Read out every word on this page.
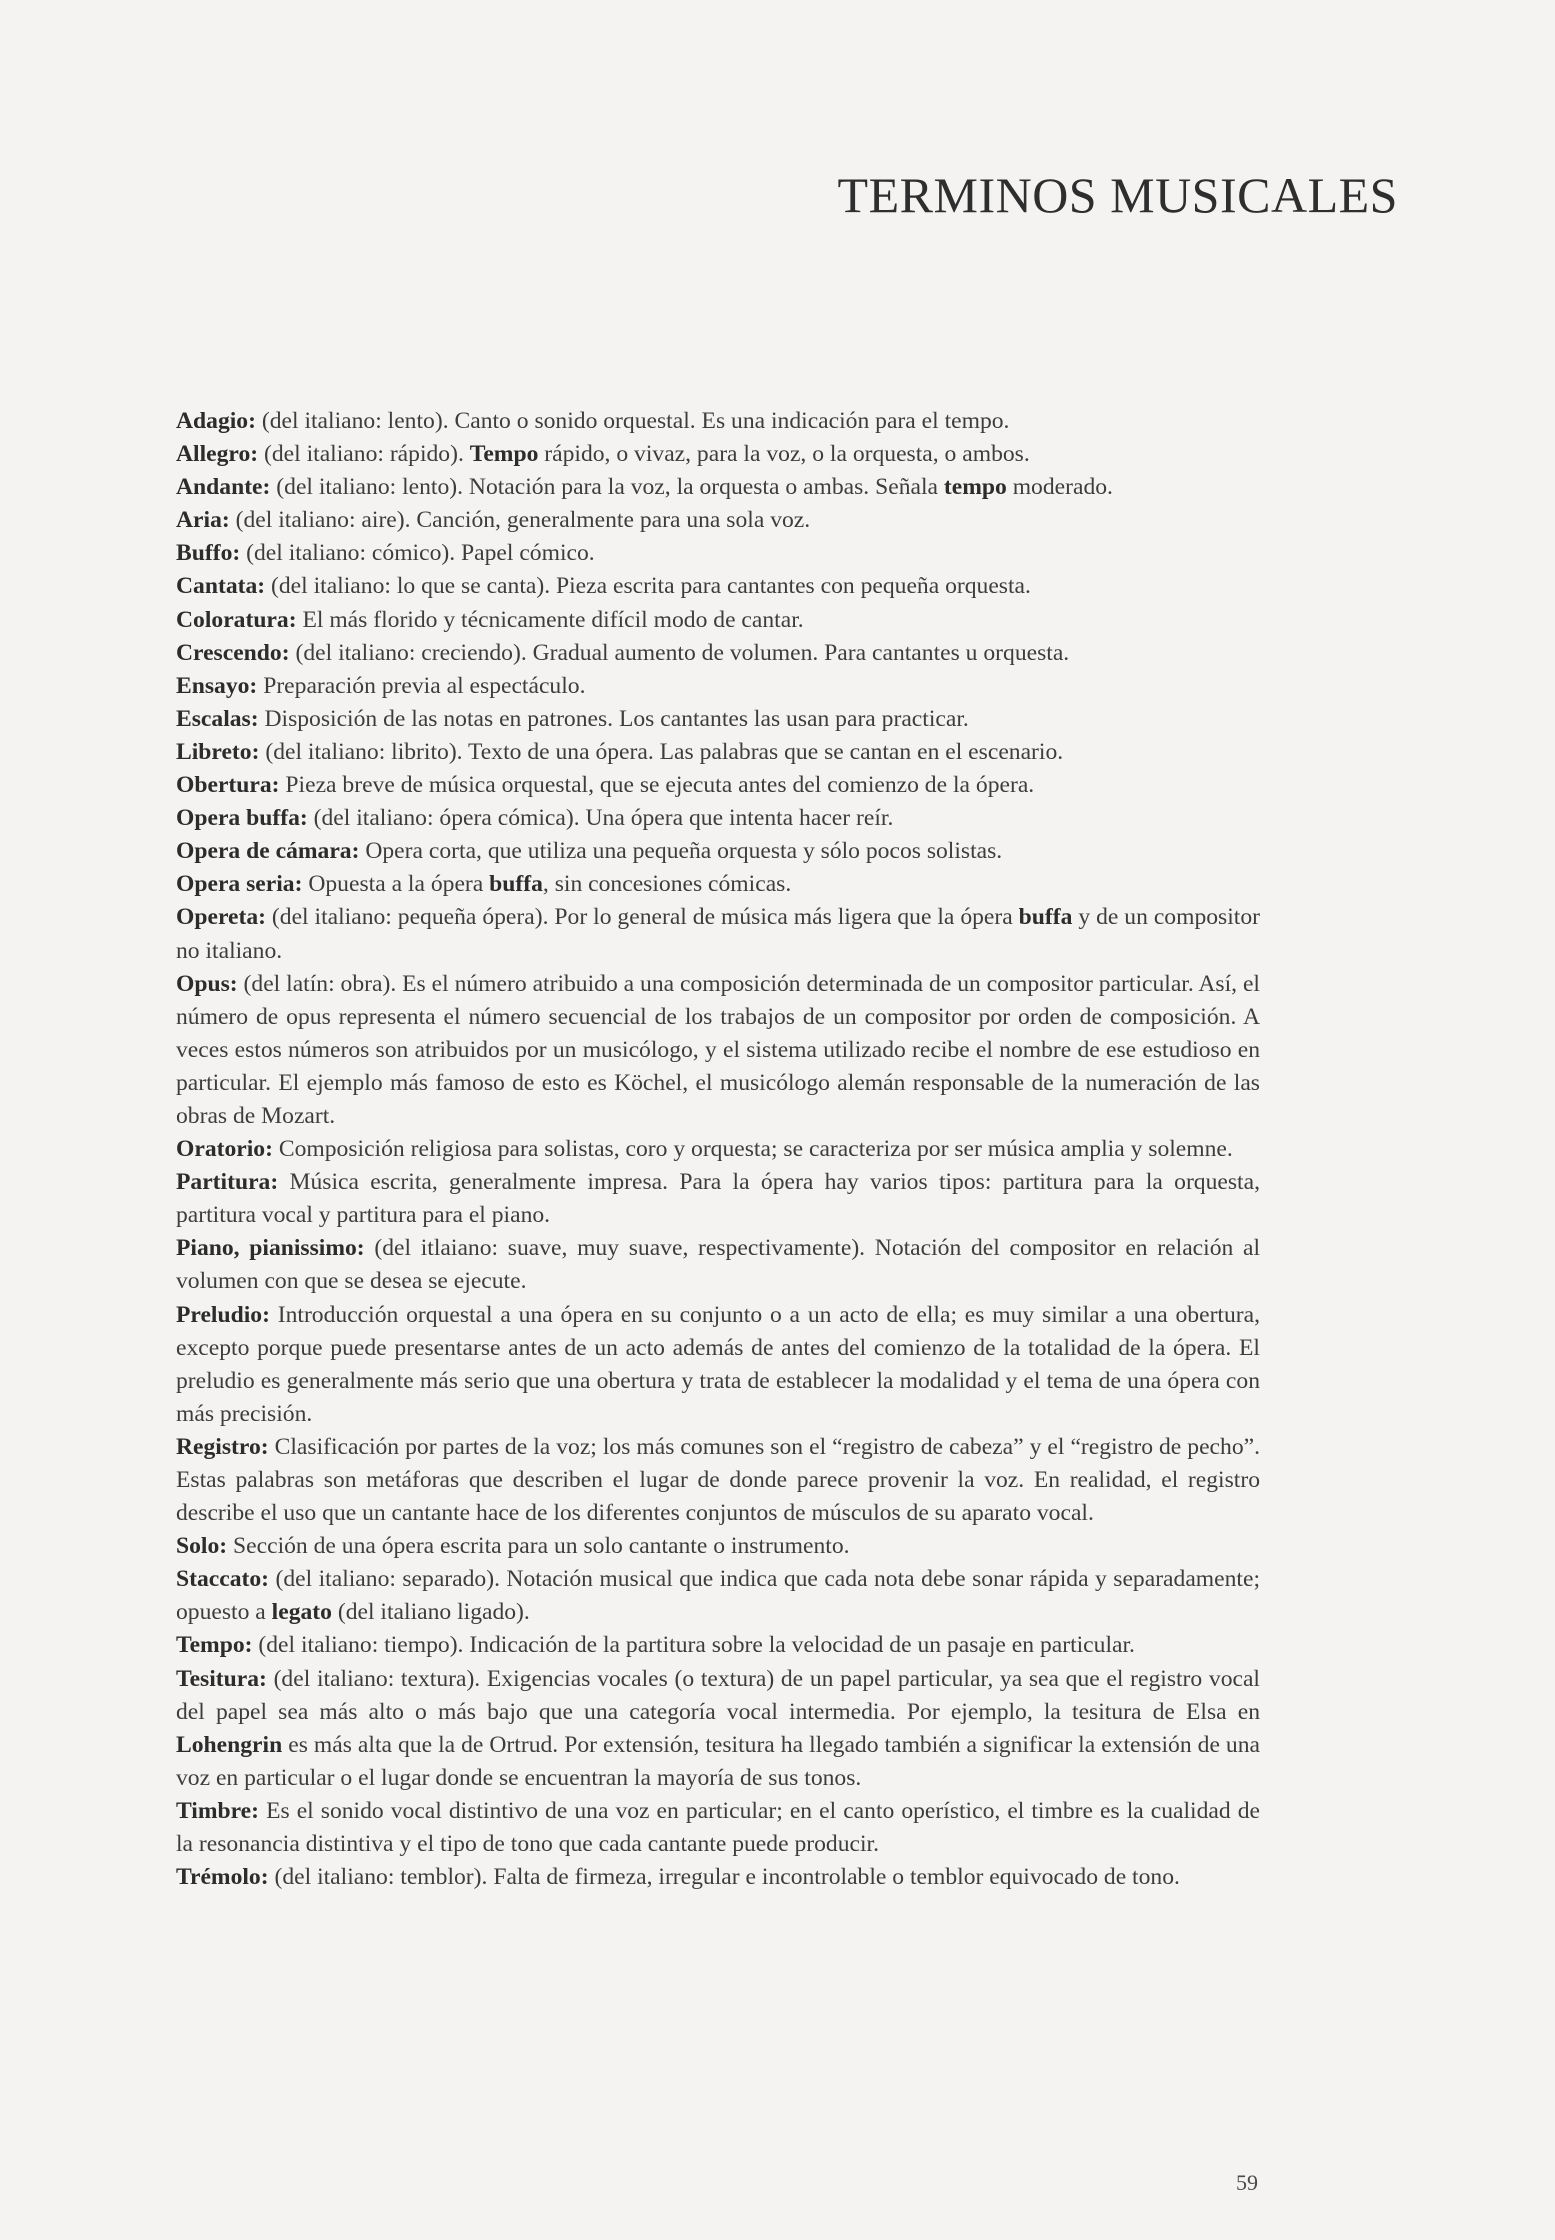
TERMINOS MUSICALES

Adagio: (del italiano: lento). Canto o sonido orquestal. Es una indicación para el tempo.

Allegro: (del italiano: rápido). Tempo rápido, o vivaz, para la voz, o la orquesta, o ambos.

Andante: (del italiano: lento). Notación para la voz, la orquesta o ambas. Señala tempo moderado.

Aria: (del italiano: aire). Canción, generalmente para una sola voz.

Buffo: (del italiano: cómico). Papel cómico.

Cantata: (del italiano: lo que se canta). Pieza escrita para cantantes con pequeña orquesta.

Coloratura: El más florido y técnicamente difícil modo de cantar.

Crescendo: (del italiano: creciendo). Gradual aumento de volumen. Para cantantes u orquesta.

Ensayo: Preparación previa al espectáculo.

Escalas: Disposición de las notas en patrones. Los cantantes las usan para practicar.

Libreto: (del italiano: librito). Texto de una ópera. Las palabras que se cantan en el escenario.

Obertura: Pieza breve de música orquestal, que se ejecuta antes del comienzo de la ópera.

Opera buffa: (del italiano: ópera cómica). Una ópera que intenta hacer reír.

Opera de cámara: Opera corta, que utiliza una pequeña orquesta y sólo pocos solistas.

Opera seria: Opuesta a la ópera buffa, sin concesiones cómicas.

Opereta: (del italiano: pequeña ópera). Por lo general de música más ligera que la ópera buffa y de un compositor no italiano.

Opus: (del latín: obra). Es el número atribuido a una composición determinada de un compositor particular. Así, el número de opus representa el número secuencial de los trabajos de un compositor por orden de composición. A veces estos números son atribuidos por un musicólogo, y el sistema utilizado recibe el nombre de ese estudioso en particular. El ejemplo más famoso de esto es Köchel, el musicólogo alemán responsable de la numeración de las obras de Mozart.

Oratorio: Composición religiosa para solistas, coro y orquesta; se caracteriza por ser música amplia y solemne.

Partitura: Música escrita, generalmente impresa. Para la ópera hay varios tipos: partitura para la orquesta, partitura vocal y partitura para el piano.

Piano, pianissimo: (del itlaiano: suave, muy suave, respectivamente). Notación del compositor en relación al volumen con que se desea se ejecute.

Preludio: Introducción orquestal a una ópera en su conjunto o a un acto de ella; es muy similar a una obertura, excepto porque puede presentarse antes de un acto además de antes del comienzo de la totalidad de la ópera. El preludio es generalmente más serio que una obertura y trata de establecer la modalidad y el tema de una ópera con más precisión.

Registro: Clasificación por partes de la voz; los más comunes son el “registro de cabeza” y el “registro de pecho”. Estas palabras son metáforas que describen el lugar de donde parece provenir la voz. En realidad, el registro describe el uso que un cantante hace de los diferentes conjuntos de músculos de su aparato vocal.

Solo: Sección de una ópera escrita para un solo cantante o instrumento.

Staccato: (del italiano: separado). Notación musical que indica que cada nota debe sonar rápida y separadamente; opuesto a legato (del italiano ligado).

Tempo: (del italiano: tiempo). Indicación de la partitura sobre la velocidad de un pasaje en particular.

Tesitura: (del italiano: textura). Exigencias vocales (o textura) de un papel particular, ya sea que el registro vocal del papel sea más alto o más bajo que una categoría vocal intermedia. Por ejemplo, la tesitura de Elsa en Lohengrin es más alta que la de Ortrud. Por extensión, tesitura ha llegado también a significar la extensión de una voz en particular o el lugar donde se encuentran la mayoría de sus tonos.

Timbre: Es el sonido vocal distintivo de una voz en particular; en el canto operístico, el timbre es la cualidad de la resonancia distintiva y el tipo de tono que cada cantante puede producir.

Trémolo: (del italiano: temblor). Falta de firmeza, irregular e incontrolable o temblor equivocado de tono.

59
